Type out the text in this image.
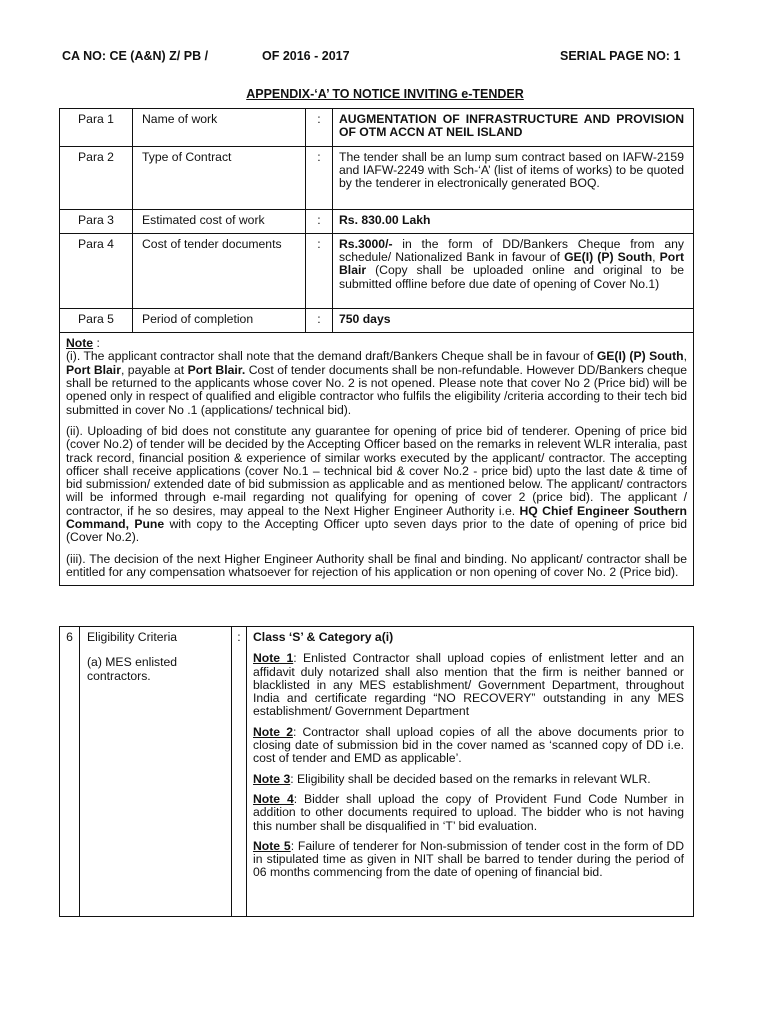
CA NO: CE (A&N) Z/ PB /	OF 2016 - 2017	SERIAL PAGE NO: 1
APPENDIX-‘A’ TO NOTICE INVITING e-TENDER
Para 1	Name of work	:	AUGMENTATION OF INFRASTRUCTURE AND PROVISION OF OTM ACCN AT NEIL ISLAND
Para 2	Type of Contract	:	The tender shall be an lump sum contract based on IAFW-2159 and IAFW-2249 with Sch-‘A’ (list of items of works) to be quoted by the tenderer in electronically generated BOQ.
Para 3	Estimated cost of work	:	Rs. 830.00 Lakh
Para 4	Cost of tender documents	:	Rs.3000/- in the form of DD/Bankers Cheque from any schedule/ Nationalized Bank in favour of GE(I) (P) South, Port Blair (Copy shall be uploaded online and original to be submitted offline before due date of opening of Cover No.1)
Para 5	Period of completion	:	750 days

Note :

(i). The applicant contractor shall note that the demand draft/Bankers Cheque shall be in favour of GE(I) (P) South, Port Blair, payable at Port Blair. Cost of tender documents shall be non-refundable. However DD/Bankers cheque shall be returned to the applicants whose cover No. 2 is not opened. Please note that cover No 2 (Price bid) will be opened only in respect of qualified and eligible contractor who fulfils the eligibility /criteria according to their tech bid submitted in cover No .1 (applications/ technical bid).

(ii). Uploading of bid does not constitute any guarantee for opening of price bid of tenderer. Opening of price bid (cover No.2) of tender will be decided by the Accepting Officer based on the remarks in relevent WLR interalia, past track record, financial position & experience of similar works executed by the applicant/ contractor. The accepting officer shall receive applications (cover No.1 – technical bid & cover No.2 - price bid) upto the last date & time of bid submission/ extended date of bid submission as applicable and as mentioned below. The applicant/ contractors will be informed through e-mail regarding not qualifying for opening of cover 2 (price bid). The applicant / contractor, if he so desires, may appeal to the Next Higher Engineer Authority i.e. HQ Chief Engineer Southern Command, Pune with copy to the Accepting Officer upto seven days prior to the date of opening of price bid (Cover No.2).

(iii). The decision of the next Higher Engineer Authority shall be final and binding. No applicant/ contractor shall be entitled for any compensation whatsoever for rejection of his application or non opening of cover No. 2 (Price bid).			

6	Eligibility Criteria
(a) MES enlisted contractors.
	:	Class ‘S’ & Category a(i)

Note 1: Enlisted Contractor shall upload copies of enlistment letter and an affidavit duly notarized shall also mention that the firm is neither banned or blacklisted in any MES establishment/ Government Department, throughout India and certificate regarding “NO RECOVERY” outstanding in any MES establishment/ Government Department

Note 2: Contractor shall upload copies of all the above documents prior to closing date of submission bid in the cover named as ‘scanned copy of DD i.e. cost of tender and EMD as applicable’.

Note 3: Eligibility shall be decided based on the remarks in relevant WLR.

Note 4: Bidder shall upload the copy of Provident Fund Code Number in addition to other documents required to upload. The bidder who is not having this number shall be disqualified in ‘T’ bid evaluation.

Note 5: Failure of tenderer for Non-submission of tender cost in the form of DD in stipulated time as given in NIT shall be barred to tender during the period of 06 months commencing from the date of opening of financial bid.
